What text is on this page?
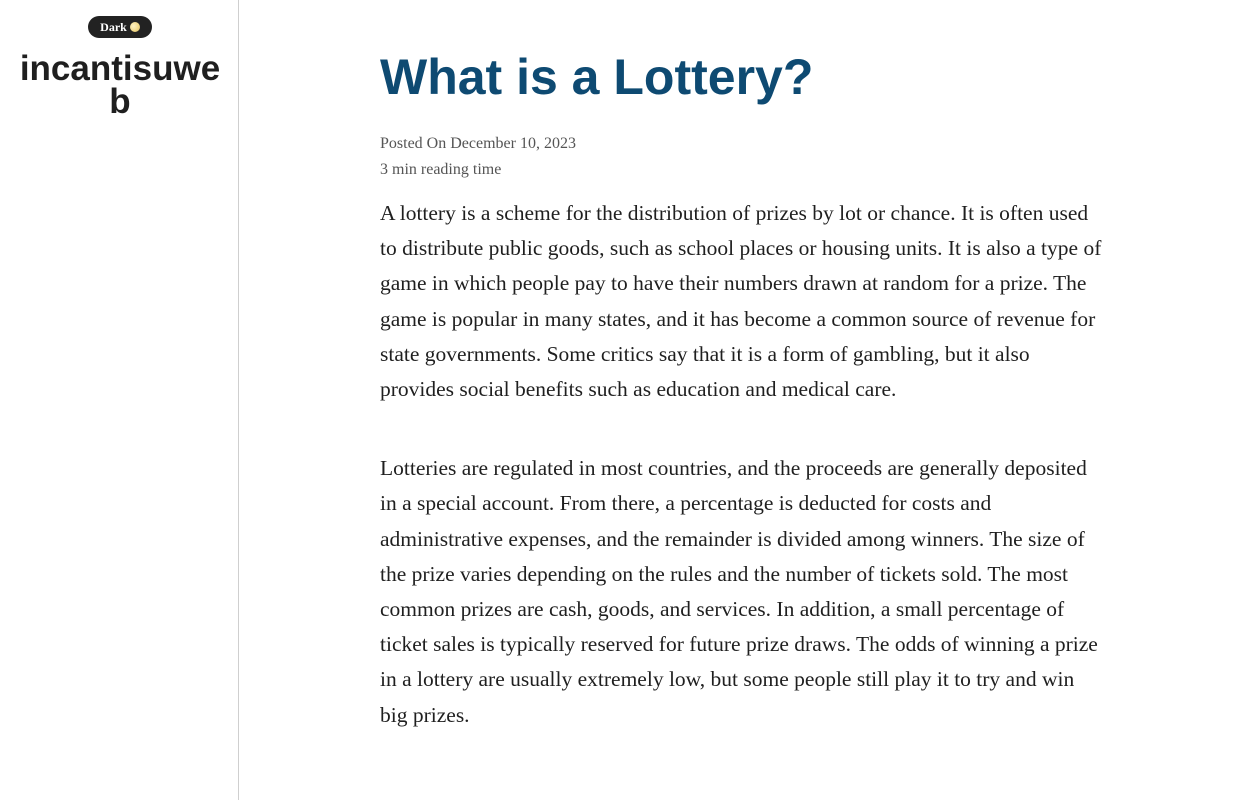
Dark
incantisuweb	What is a Lottery?
Posted On December 10, 2023
3 min reading time

A lottery is a scheme for the distribution of prizes by lot or chance. It is often used to distribute public goods, such as school places or housing units. It is also a type of game in which people pay to have their numbers drawn at random for a prize. The game is popular in many states, and it has become a common source of revenue for state governments. Some critics say that it is a form of gambling, but it also provides social benefits such as education and medical care.

Lotteries are regulated in most countries, and the proceeds are generally deposited in a special account. From there, a percentage is deducted for costs and administrative expenses, and the remainder is divided among winners. The size of the prize varies depending on the rules and the number of tickets sold. The most common prizes are cash, goods, and services. In addition, a small percentage of ticket sales is typically reserved for future prize draws. The odds of winning a prize in a lottery are usually extremely low, but some people still play it to try and win big prizes.
